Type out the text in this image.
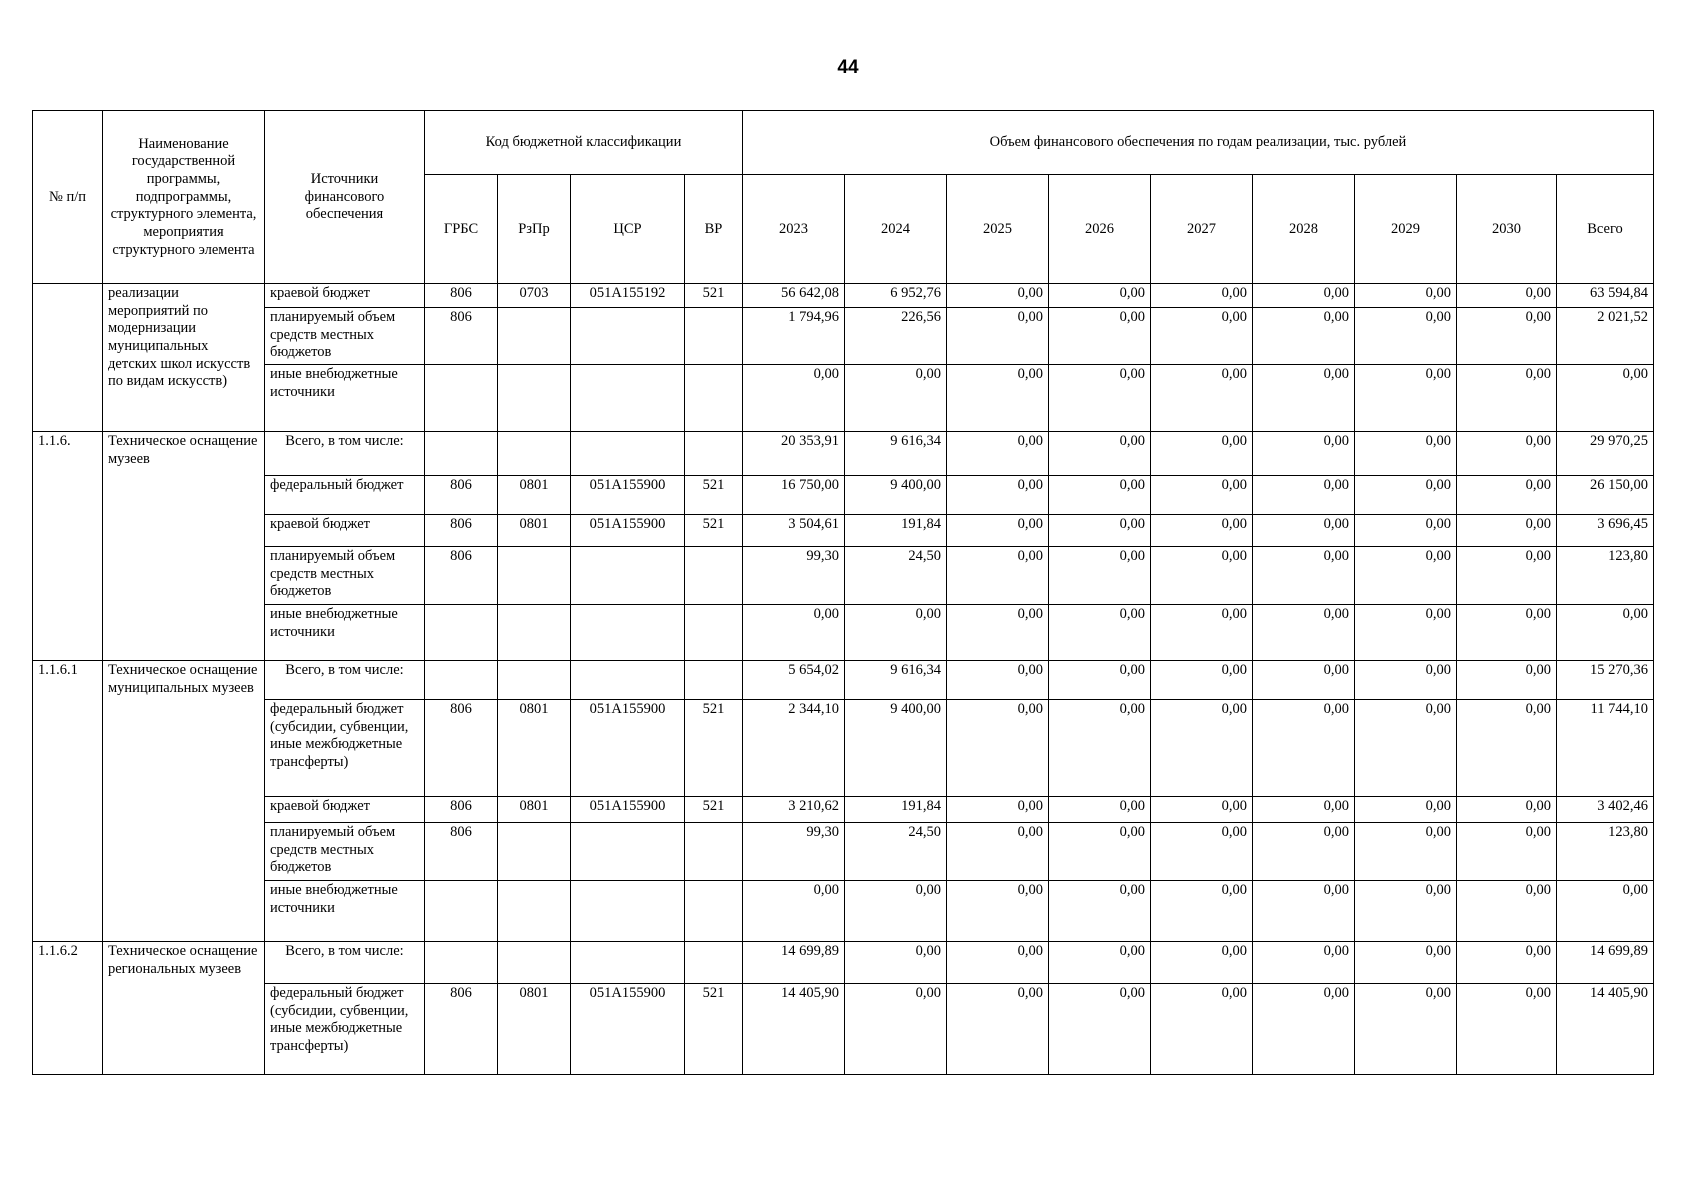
44
№ п/п	Наименование государственной программы, подпрограммы, структурного элемента, мероприятия структурного элемента	Источники финансового обеспечения	Код бюджетной классификации				Объем финансового обеспечения по годам реализации, тыс. рублей								
			ГРБС	РзПр	ЦСР	ВР	2023	2024	2025	2026	2027	2028	2029	2030	Всего
	реализации мероприятий по модернизации муниципальных детских школ искусств по видам искусств)	краевой бюджет	806	0703	051А155192	521	56 642,08	6 952,76	0,00	0,00	0,00	0,00	0,00	0,00	63 594,84
		планируемый объем средств местных бюджетов	806				1 794,96	226,56	0,00	0,00	0,00	0,00	0,00	0,00	2 021,52
		иные внебюджетные источники					0,00	0,00	0,00	0,00	0,00	0,00	0,00	0,00	0,00
1.1.6.	Техническое оснащение музеев	Всего, в том числе:					20 353,91	9 616,34	0,00	0,00	0,00	0,00	0,00	0,00	29 970,25
		федеральный бюджет	806	0801	051А155900	521	16 750,00	9 400,00	0,00	0,00	0,00	0,00	0,00	0,00	26 150,00
		краевой бюджет	806	0801	051А155900	521	3 504,61	191,84	0,00	0,00	0,00	0,00	0,00	0,00	3 696,45
		планируемый объем средств местных бюджетов	806				99,30	24,50	0,00	0,00	0,00	0,00	0,00	0,00	123,80
		иные внебюджетные источники					0,00	0,00	0,00	0,00	0,00	0,00	0,00	0,00	0,00
1.1.6.1	Техническое оснащение муниципальных музеев	Всего, в том числе:					5 654,02	9 616,34	0,00	0,00	0,00	0,00	0,00	0,00	15 270,36
		федеральный бюджет (субсидии, субвенции, иные межбюджетные трансферты)	806	0801	051А155900	521	2 344,10	9 400,00	0,00	0,00	0,00	0,00	0,00	0,00	11 744,10
		краевой бюджет	806	0801	051А155900	521	3 210,62	191,84	0,00	0,00	0,00	0,00	0,00	0,00	3 402,46
		планируемый объем средств местных бюджетов	806				99,30	24,50	0,00	0,00	0,00	0,00	0,00	0,00	123,80
		иные внебюджетные источники					0,00	0,00	0,00	0,00	0,00	0,00	0,00	0,00	0,00
1.1.6.2	Техническое оснащение региональных музеев	Всего, в том числе:					14 699,89	0,00	0,00	0,00	0,00	0,00	0,00	0,00	14 699,89
		федеральный бюджет (субсидии, субвенции, иные межбюджетные трансферты)	806	0801	051А155900	521	14 405,90	0,00	0,00	0,00	0,00	0,00	0,00	0,00	14 405,90
